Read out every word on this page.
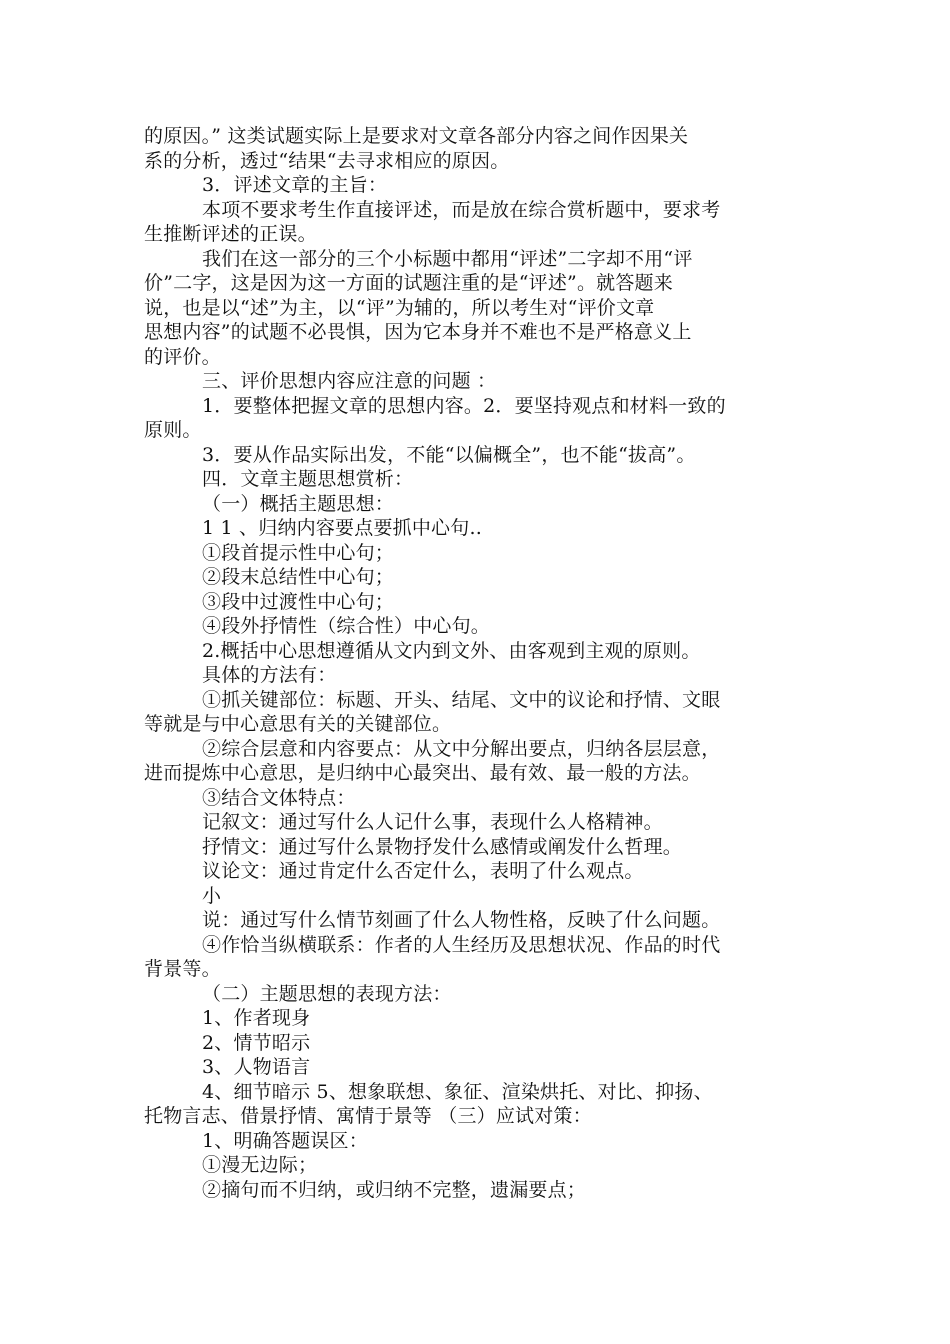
的原因。” 这类试题实际上是要求对文章各部分内容之间作因果关
系的分析，透过“结果“去寻求相应的原因。
3．评述文章的主旨：
本项不要求考生作直接评述，而是放在综合赏析题中，要求考
生推断评述的正误。
我们在这一部分的三个小标题中都用“评述”二字却不用“评
价”二字，这是因为这一方面的试题注重的是“评述”。就答题来
说，也是以“述”为主，以“评”为辅的，所以考生对“评价文章
思想内容”的试题不必畏惧，因为它本身并不难也不是严格意义上
的评价。
三、评价思想内容应注意的问题 ：
1．要整体把握文章的思想内容。2．要坚持观点和材料一致的
原则。
3．要从作品实际出发，不能“以偏概全”，也不能“拔高”。
四．文章主题思想赏析：
（一）概括主题思想：
1 1 、归纳内容要点要抓中心句..
①段首提示性中心句；
②段末总结性中心句；
③段中过渡性中心句；
④段外抒情性（综合性）中心句。
2.概括中心思想遵循从文内到文外、由客观到主观的原则。
具体的方法有：
①抓关键部位：标题、开头、结尾、文中的议论和抒情、文眼
等就是与中心意思有关的关键部位。
②综合层意和内容要点：从文中分解出要点，归纳各层层意，
进而提炼中心意思，是归纳中心最突出、最有效、最一般的方法。
③结合文体特点：
记叙文：通过写什么人记什么事，表现什么人格精神。
抒情文：通过写什么景物抒发什么感情或阐发什么哲理。
议论文：通过肯定什么否定什么，表明了什么观点。
小
说：通过写什么情节刻画了什么人物性格，反映了什么问题。
④作恰当纵横联系：作者的人生经历及思想状况、作品的时代
背景等。
（二）主题思想的表现方法：
1、作者现身
2、情节昭示
3、人物语言
4、细节暗示 5、想象联想、象征、渲染烘托、对比、抑扬、
托物言志、借景抒情、寓情于景等 （三）应试对策：
1、明确答题误区：
①漫无边际；
②摘句而不归纳，或归纳不完整，遗漏要点；
